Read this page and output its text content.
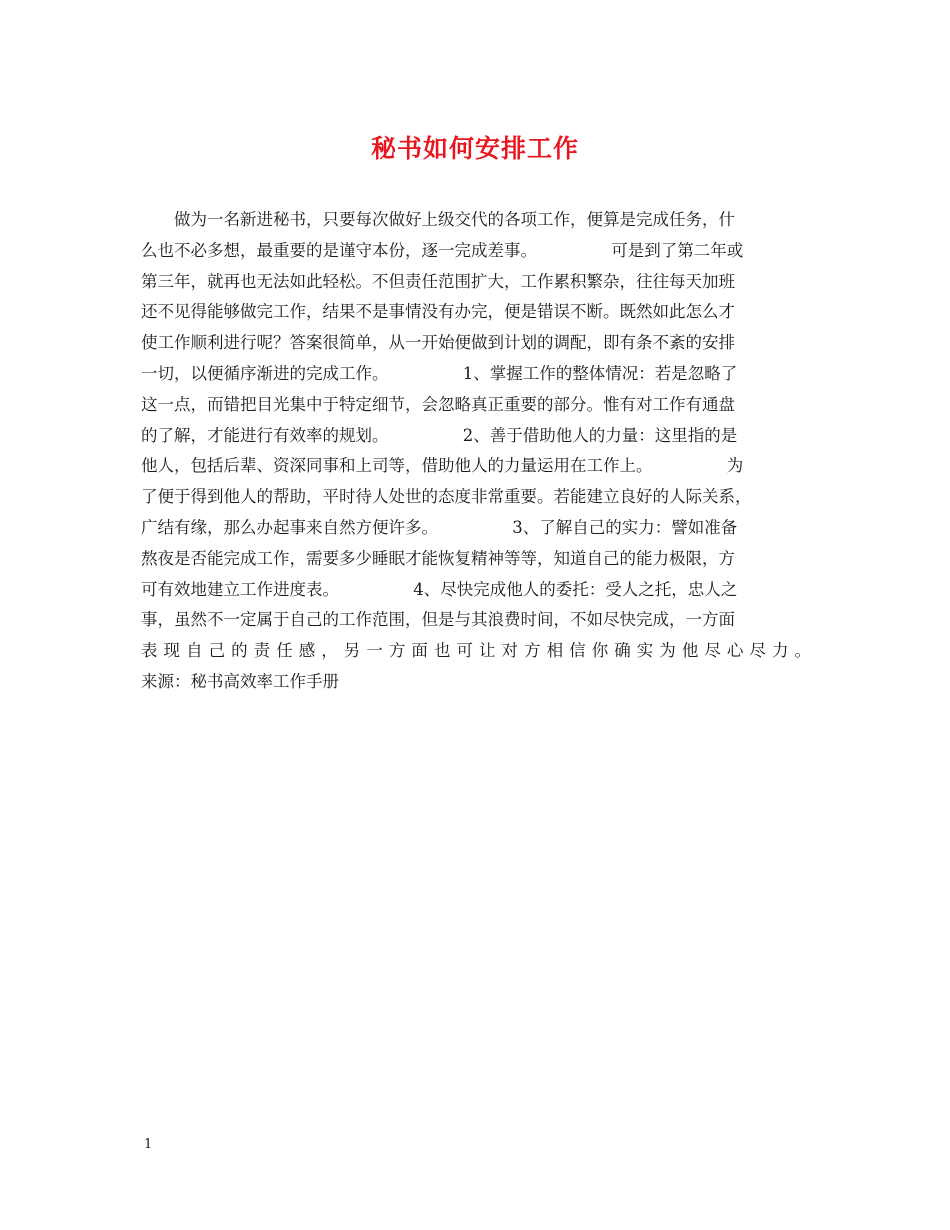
秘书如何安排工作
做为一名新进秘书，只要每次做好上级交代的各项工作，便算是完成任务，什
么也不必多想，最重要的是谨守本份，逐一完成差事。　　　　　可是到了第二年或
第三年，就再也无法如此轻松。不但责任范围扩大，工作累积繁杂，往往每天加班
还不见得能够做完工作，结果不是事情没有办完，便是错误不断。既然如此怎么才
使工作顺利进行呢？答案很简单，从一开始便做到计划的调配，即有条不紊的安排
一切，以便循序渐进的完成工作。　　　　　1、掌握工作的整体情况：若是忽略了
这一点，而错把目光集中于特定细节，会忽略真正重要的部分。惟有对工作有通盘
的了解，才能进行有效率的规划。　　　　　2、善于借助他人的力量：这里指的是
他人，包括后辈、资深同事和上司等，借助他人的力量运用在工作上。　　　　　为
了便于得到他人的帮助，平时待人处世的态度非常重要。若能建立良好的人际关系，
广结有缘，那么办起事来自然方便许多。　　　　　3、了解自己的实力：譬如准备
熬夜是否能完成工作，需要多少睡眠才能恢复精神等等，知道自己的能力极限，方
可有效地建立工作进度表。　　　　　4、尽快完成他人的委托：受人之托，忠人之
事，虽然不一定属于自己的工作范围，但是与其浪费时间，不如尽快完成，一方面
表现自己的责任感，另一方面也可让对方相信你确实为他尽心尽力。
来源：秘书高效率工作手册
1
